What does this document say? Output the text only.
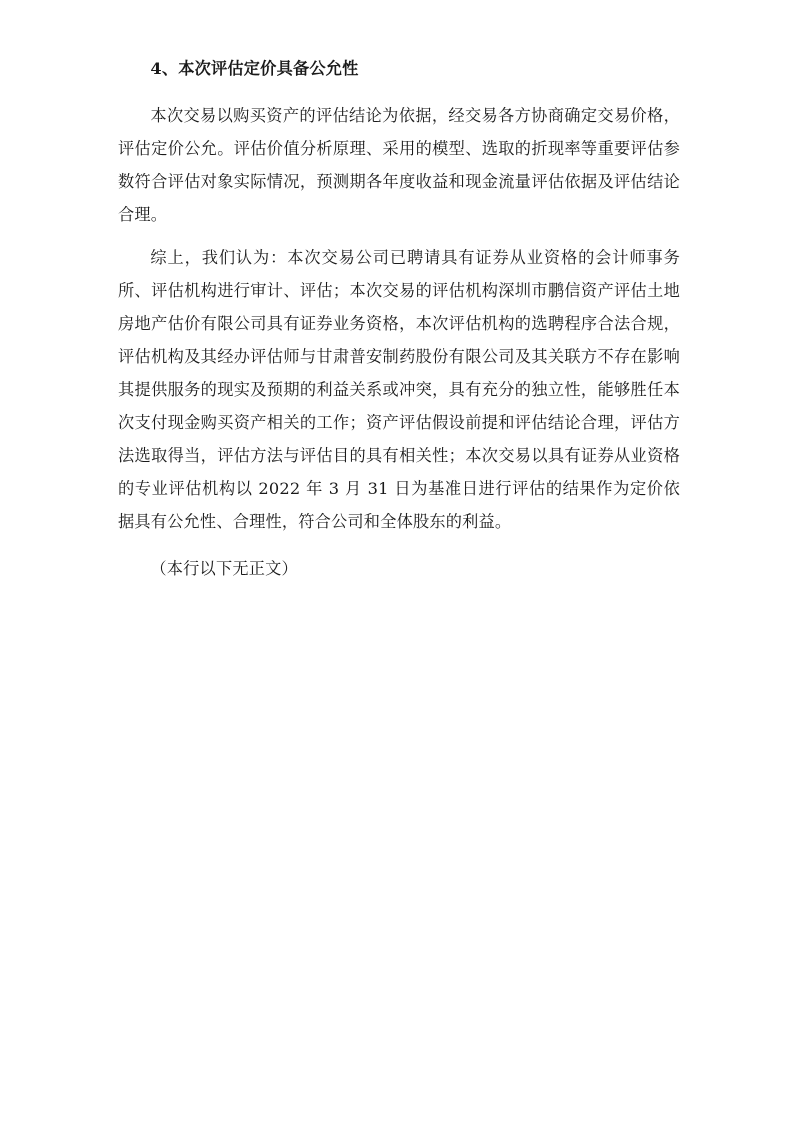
4、本次评估定价具备公允性

本次交易以购买资产的评估结论为依据，经交易各方协商确定交易价格，评估定价公允。评估价值分析原理、采用的模型、选取的折现率等重要评估参数符合评估对象实际情况，预测期各年度收益和现金流量评估依据及评估结论合理。

综上，我们认为：本次交易公司已聘请具有证券从业资格的会计师事务所、评估机构进行审计、评估；本次交易的评估机构深圳市鹏信资产评估土地房地产估价有限公司具有证券业务资格，本次评估机构的选聘程序合法合规，评估机构及其经办评估师与甘肃普安制药股份有限公司及其关联方不存在影响其提供服务的现实及预期的利益关系或冲突，具有充分的独立性，能够胜任本次支付现金购买资产相关的工作；资产评估假设前提和评估结论合理，评估方法选取得当，评估方法与评估目的具有相关性；本次交易以具有证券从业资格的专业评估机构以 2022 年 3 月 31 日为基准日进行评估的结果作为定价依据具有公允性、合理性，符合公司和全体股东的利益。

（本行以下无正文）
